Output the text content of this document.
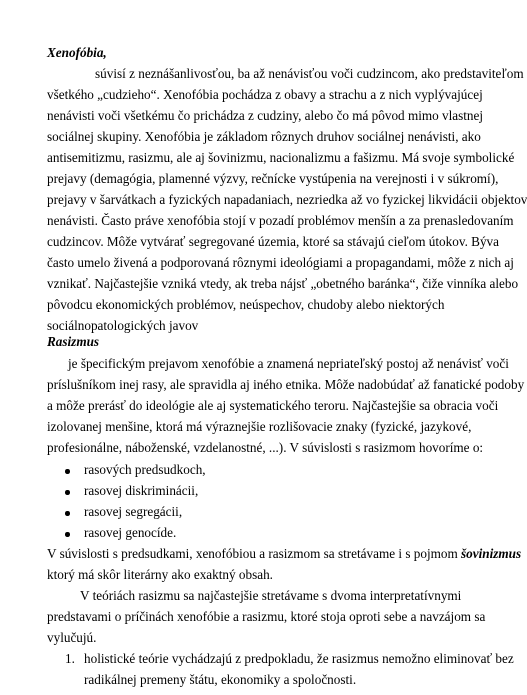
Xenofóbia,
súvisí z neznášanlivosťou, ba až nenávisťou voči cudzincom, ako predstaviteľom
všetkého „cudzieho“. Xenofóbia pochádza z obavy a strachu a z nich vyplývajúcej
nenávisti voči všetkému čo prichádza z cudziny, alebo čo má pôvod mimo vlastnej
sociálnej skupiny. Xenofóbia je základom rôznych druhov sociálnej nenávisti, ako
antisemitizmu, rasizmu, ale aj šovinizmu, nacionalizmu a fašizmu. Má svoje symbolické
prejavy (demagógia, plamenné výzvy, rečnícke vystúpenia na verejnosti i v súkromí),
prejavy v šarvátkach a fyzických napadaniach, nezriedka až vo fyzickej likvidácii objektov
nenávisti. Často práve xenofóbia stojí v pozadí problémov menšín a za prenasledovaním
cudzincov. Môže vytvárať segregované územia, ktoré sa stávajú cieľom útokov. Býva
často umelo živená a podporovaná rôznymi ideológiami a propagandami, môže z nich aj
vznikať. Najčastejšie vzniká vtedy, ak treba nájsť „obetného baránka“, čiže vinníka alebo
pôvodcu ekonomických problémov, neúspechov, chudoby alebo niektorých
sociálnopatologických javov
Rasizmus
je špecifickým prejavom xenofóbie a znamená nepriateľský postoj až nenávisť voči
príslušníkom inej rasy, ale spravidla aj iného etnika. Môže nadobúdať až fanatické podoby
a môže prerásť do ideológie ale aj systematického teroru. Najčastejšie sa obracia voči
izolovanej menšine, ktorá má výraznejšie rozlišovacie znaky (fyzické, jazykové,
profesionálne, náboženské, vzdelanostné, ...). V súvislosti s rasizmom hovoríme o:
rasových predsudkoch,
rasovej diskriminácii,
rasovej segregácii,
rasovej genocíde.
V súvislosti s predsudkami, xenofóbiou a rasizmom sa stretávame i s pojmom šovinizmus
ktorý má skôr literárny ako exaktný obsah.
V teóriách rasizmu sa najčastejšie stretávame s dvoma interpretatívnymi
predstavami o príčinách xenofóbie a rasizmu, ktoré stoja oproti sebe a navzájom sa
vylučujú.
1. holistické teórie vychádzajú z predpokladu, že rasizmus nemožno eliminovať bez
radikálnej premeny štátu, ekonomiky a spoločnosti.
